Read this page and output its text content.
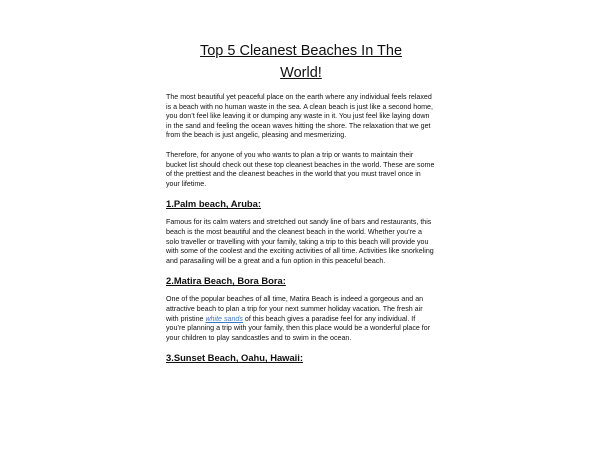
Top 5 Cleanest Beaches In The
World!

The most beautiful yet peaceful place on the earth where any individual feels relaxed is a beach with no human waste in the sea. A clean beach is just like a second home, you don’t feel like leaving it or dumping any waste in it. You just feel like laying down in the sand and feeling the ocean waves hitting the shore. The relaxation that we get from the beach is just angelic, pleasing and mesmerizing.

Therefore, for anyone of you who wants to plan a trip or wants to maintain their bucket list should check out these top cleanest beaches in the world. These are some of the prettiest and the cleanest beaches in the world that you must travel once in your lifetime.

1.Palm beach, Aruba:

Famous for its calm waters and stretched out sandy line of bars and restaurants, this beach is the most beautiful and the cleanest beach in the world. Whether you’re a solo traveller or travelling with your family, taking a trip to this beach will provide you with some of the coolest and the exciting activities of all time. Activities like snorkeling and parasailing will be a great and a fun option in this peaceful beach.

2.Matira Beach, Bora Bora:

One of the popular beaches of all time, Matira Beach is indeed a gorgeous and an attractive beach to plan a trip for your next summer holiday vacation. The fresh air with pristine white sands of this beach gives a paradise feel for any individual. If you’re planning a trip with your family, then this place would be a wonderful place for your children to play sandcastles and to swim in the ocean.

3.Sunset Beach, Oahu, Hawaii:
